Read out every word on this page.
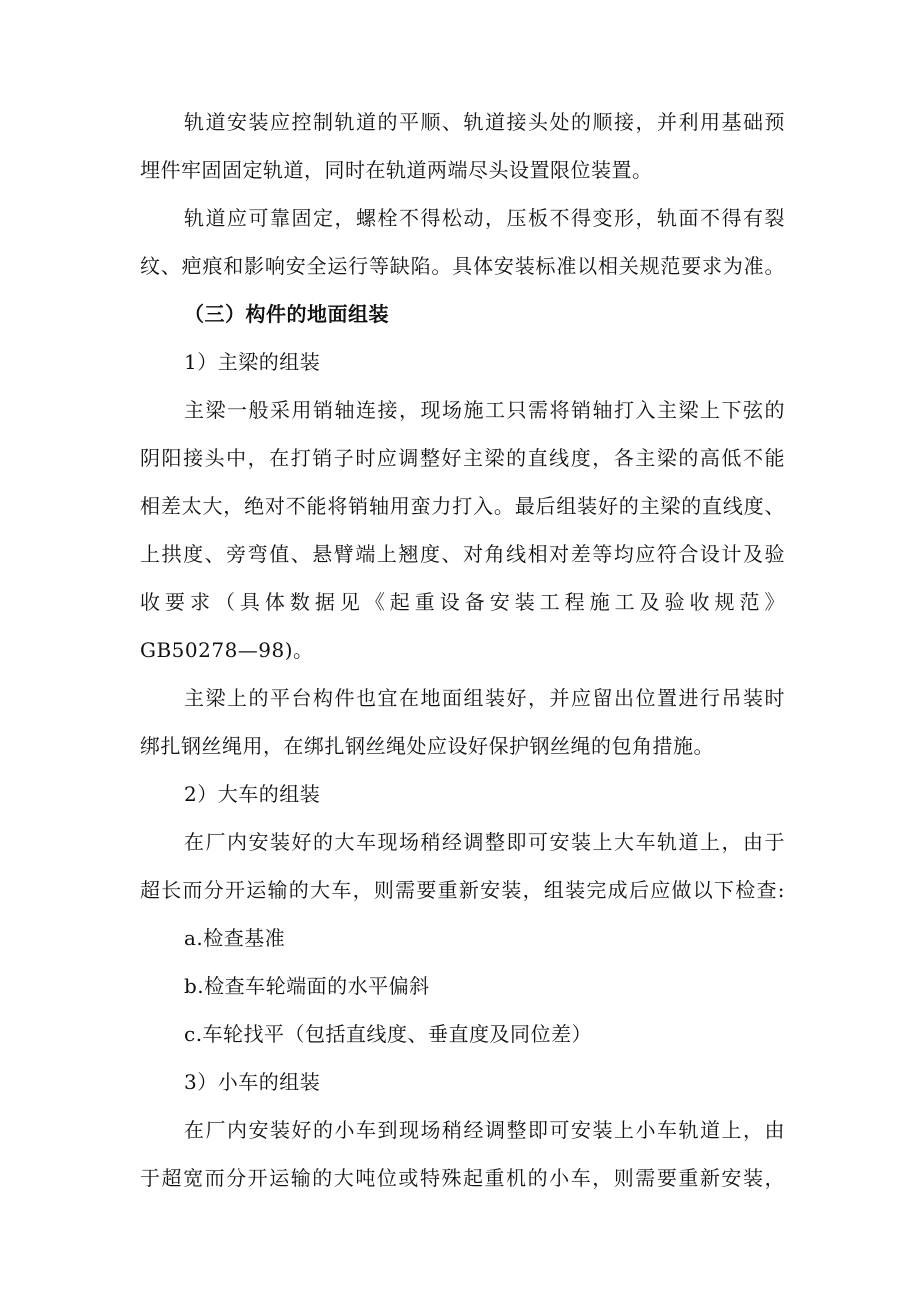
轨道安装应控制轨道的平顺、轨道接头处的顺接，并利用基础预
埋件牢固固定轨道，同时在轨道两端尽头设置限位装置。
轨道应可靠固定，螺栓不得松动，压板不得变形，轨面不得有裂
纹、疤痕和影响安全运行等缺陷。具体安装标准以相关规范要求为准。
（三）构件的地面组装
1）主梁的组装
主梁一般采用销轴连接，现场施工只需将销轴打入主梁上下弦的
阴阳接头中，在打销子时应调整好主梁的直线度，各主梁的高低不能
相差太大，绝对不能将销轴用蛮力打入。最后组装好的主梁的直线度、
上拱度、旁弯值、悬臂端上翘度、对角线相对差等均应符合设计及验
收要求（具体数据见《起重设备安装工程施工及验收规范》
GB50278—98)。
主梁上的平台构件也宜在地面组装好，并应留出位置进行吊装时
绑扎钢丝绳用，在绑扎钢丝绳处应设好保护钢丝绳的包角措施。
2）大车的组装
在厂内安装好的大车现场稍经调整即可安装上大车轨道上，由于
超长而分开运输的大车，则需要重新安装，组装完成后应做以下检查:
a.检查基准
b.检查车轮端面的水平偏斜
c.车轮找平（包括直线度、垂直度及同位差）
3）小车的组装
在厂内安装好的小车到现场稍经调整即可安装上小车轨道上，由
于超宽而分开运输的大吨位或特殊起重机的小车，则需要重新安装，
